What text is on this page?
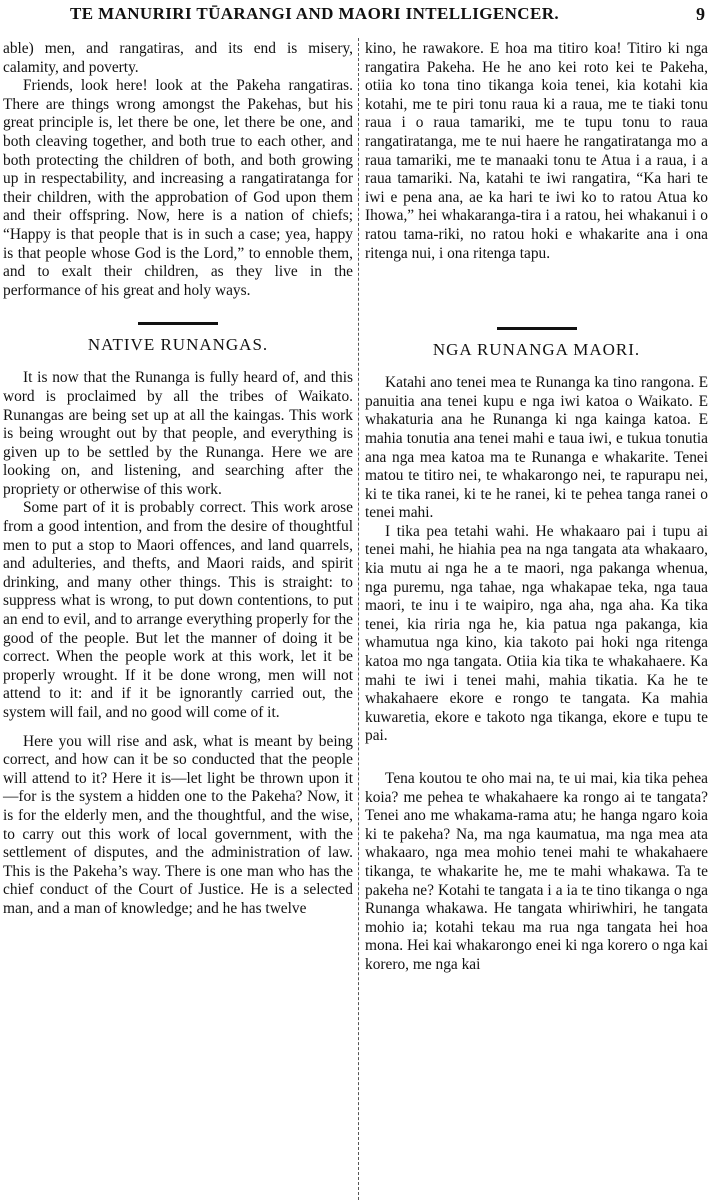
TE MANURIRI TŪARANGI AND MAORI INTELLIGENCER.	9

able) men, and rangatiras, and its end is misery, calamity, and poverty.

Friends, look here! look at the Pakeha rangatiras. There are things wrong amongst the Pakehas, but his great principle is, let there be one, let there be one, and both cleaving together, and both true to each other, and both protecting the children of both, and both growing up in respectability, and increasing a rangatiratanga for their children, with the approbation of God upon them and their offspring. Now, here is a nation of chiefs; “Happy is that people that is in such a case; yea, happy is that people whose God is the Lord,” to ennoble them, and to exalt their children, as they live in the performance of his great and holy ways.

NATIVE RUNANGAS.

It is now that the Runanga is fully heard of, and this word is proclaimed by all the tribes of Waikato. Runangas are being set up at all the kaingas. This work is being wrought out by that people, and everything is given up to be settled by the Runanga. Here we are looking on, and listening, and searching after the propriety or otherwise of this work.

Some part of it is probably correct. This work arose from a good intention, and from the desire of thoughtful men to put a stop to Maori offences, and land quarrels, and adulteries, and thefts, and Maori raids, and spirit drinking, and many other things. This is straight: to suppress what is wrong, to put down contentions, to put an end to evil, and to arrange everything properly for the good of the people. But let the manner of doing it be correct. When the people work at this work, let it be properly wrought. If it be done wrong, men will not attend to it: and if it be ignorantly carried out, the system will fail, and no good will come of it.

Here you will rise and ask, what is meant by being correct, and how can it be so conducted that the people will attend to it? Here it is—let light be thrown upon it—for is the system a hidden one to the Pakeha? Now, it is for the elderly men, and the thoughtful, and the wise, to carry out this work of local government, with the settlement of disputes, and the administration of law. This is the Pakeha’s way. There is one man who has the chief conduct of the Court of Justice. He is a selected man, and a man of knowledge; and he has twelve

kino, he rawakore. E hoa ma titiro koa! Titiro ki nga rangatira Pakeha. He he ano kei roto kei te Pakeha, otiia ko tona tino tikanga koia tenei, kia kotahi kia kotahi, me te piri tonu raua ki a raua, me te tiaki tonu raua i o raua tamariki, me te tupu tonu to raua rangatiratanga, me te nui haere he rangatiratanga mo a raua tamariki, me te manaaki tonu te Atua i a raua, i a raua tamariki. Na, katahi te iwi rangatira, “Ka hari te iwi e pena ana, ae ka hari te iwi ko to ratou Atua ko Ihowa,” hei whakaranga-tira i a ratou, hei whakanui i o ratou tama-riki, no ratou hoki e whakarite ana i ona ritenga nui, i ona ritenga tapu.

NGA RUNANGA MAORI.

Katahi ano tenei mea te Runanga ka tino rangona. E panuitia ana tenei kupu e nga iwi katoa o Waikato. E whakaturia ana he Runanga ki nga kainga katoa. E mahia tonutia ana tenei mahi e taua iwi, e tukua tonutia ana nga mea katoa ma te Runanga e whakarite. Tenei matou te titiro nei, te whakarongo nei, te rapurapu nei, ki te tika ranei, ki te he ranei, ki te pehea tanga ranei o tenei mahi.

I tika pea tetahi wahi. He whakaaro pai i tupu ai tenei mahi, he hiahia pea na nga tangata ata whakaaro, kia mutu ai nga he a te maori, nga pakanga whenua, nga puremu, nga tahae, nga whakapae teka, nga taua maori, te inu i te waipiro, nga aha, nga aha. Ka tika tenei, kia riria nga he, kia patua nga pakanga, kia whamutua nga kino, kia takoto pai hoki nga ritenga katoa mo nga tangata. Otiia kia tika te whakahaere. Ka mahi te iwi i tenei mahi, mahia tikatia. Ka he te whakahaere ekore e rongo te tangata. Ka mahia kuwaretia, ekore e takoto nga tikanga, ekore e tupu te pai.

Tena koutou te oho mai na, te ui mai, kia tika pehea koia? me pehea te whakahaere ka rongo ai te tangata? Tenei ano me whakama-rama atu; he hanga ngaro koia ki te pakeha? Na, ma nga kaumatua, ma nga mea ata whakaaro, nga mea mohio tenei mahi te whakahaere tikanga, te whakarite he, me te mahi whakawa. Ta te pakeha ne? Kotahi te tangata i a ia te tino tikanga o nga Runanga whakawa. He tangata whiriwhiri, he tangata mohio ia; kotahi tekau ma rua nga tangata hei hoa mona. Hei kai whakarongo enei ki nga korero o nga kai korero, me nga kai
